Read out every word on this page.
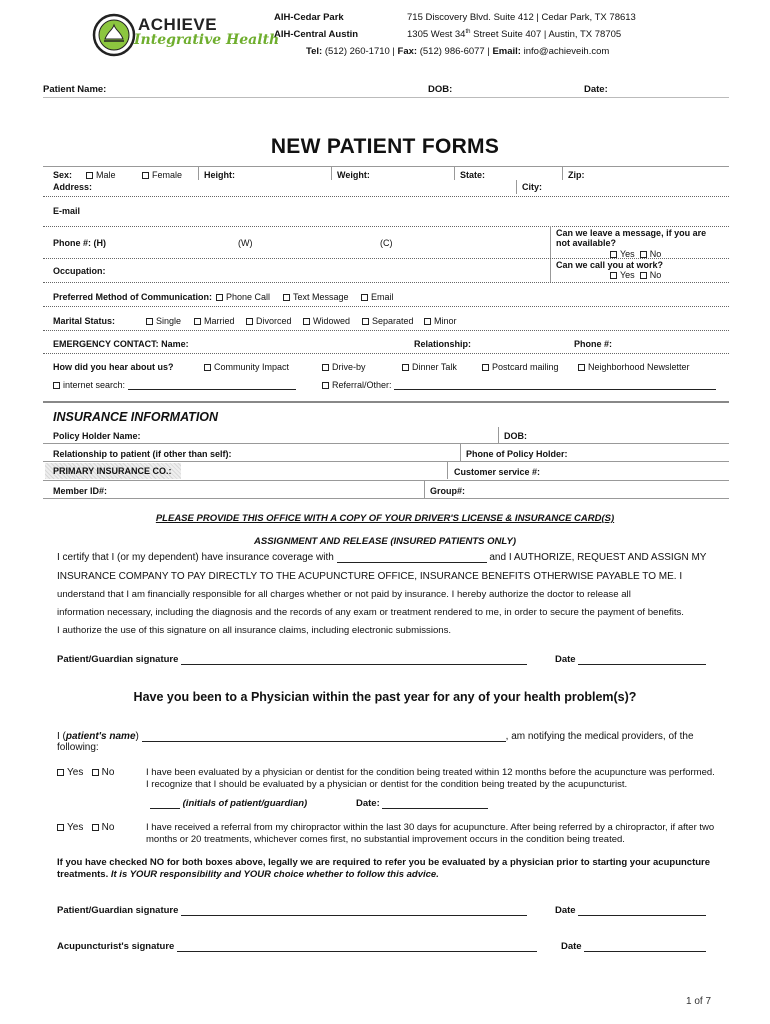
ACHIEVE
Integrative Health
AIH-Cedar Park	715 Discovery Blvd. Suite 412 | Cedar Park, TX 78613
AIH-Central Austin	1305 West 34th Street Suite 407 | Austin, TX 78705
Tel: (512) 260-1710 | Fax: (512) 986-6077 | Email: info@achieveih.com
Patient Name:	DOB:	Date:
NEW PATIENT FORMS
Sex:	Male	Female Height:	Weight:	State:	Zip:
Address:	City:
E-mail
Phone #: (H)	(W)	(C)
Can we leave a message, if you are not available?
Yes No
Occupation:
Can we call you at work?
Yes No
Preferred Method of Communication:	Phone Call	Text Message	Email
Marital Status:	Single	Married	Divorced	Widowed	Separated	Minor
EMERGENCY CONTACT: Name:	Relationship:	Phone #:
How did you hear about us?	Community Impact	Drive-by	Dinner Talk	Postcard mailing	Neighborhood Newsletter
internet search:	Referral/Other:
INSURANCE INFORMATION
Policy Holder Name:	DOB:
Relationship to patient (if other than self):	Phone of Policy Holder:
PRIMARY INSURANCE CO.:	Customer service #:
Member ID#:	Group#:
PLEASE PROVIDE THIS OFFICE WITH A COPY OF YOUR DRIVER'S LICENSE & INSURANCE CARD(S)
ASSIGNMENT AND RELEASE (INSURED PATIENTS ONLY)
I certify that I (or my dependent) have insurance coverage with	and I AUTHORIZE, REQUEST AND ASSIGN MY
INSURANCE COMPANY TO PAY DIRECTLY TO THE ACUPUNCTURE OFFICE, INSURANCE BENEFITS OTHERWISE PAYABLE TO ME. I
understand that I am financially responsible for all charges whether or not paid by insurance. I hereby authorize the doctor to release all
information necessary, including the diagnosis and the records of any exam or treatment rendered to me, in order to secure the payment of benefits.
I authorize the use of this signature on all insurance claims, including electronic submissions.
Patient/Guardian signature	Date
Have you been to a Physician within the past year for any of your health problem(s)?
I (patient's name)	, am notifying the medical providers, of the
following:
Yes No	I have been evaluated by a physician or dentist for the condition being treated within 12 months before the acupuncture was performed. I recognize that I should be evaluated by a physician or dentist for the condition being treated by the acupuncturist.
(initials of patient/guardian)	Date:
Yes No	I have received a referral from my chiropractor within the last 30 days for acupuncture. After being referred by a chiropractor, if after two months or 20 treatments, whichever comes first, no substantial improvement occurs in the condition being treated.
If you have checked NO for both boxes above, legally we are required to refer you be evaluated by a physician prior to starting your acupuncture treatments. It is YOUR responsibility and YOUR choice whether to follow this advice.
Patient/Guardian signature	Date
Acupuncturist's signature	Date
1 of 7
